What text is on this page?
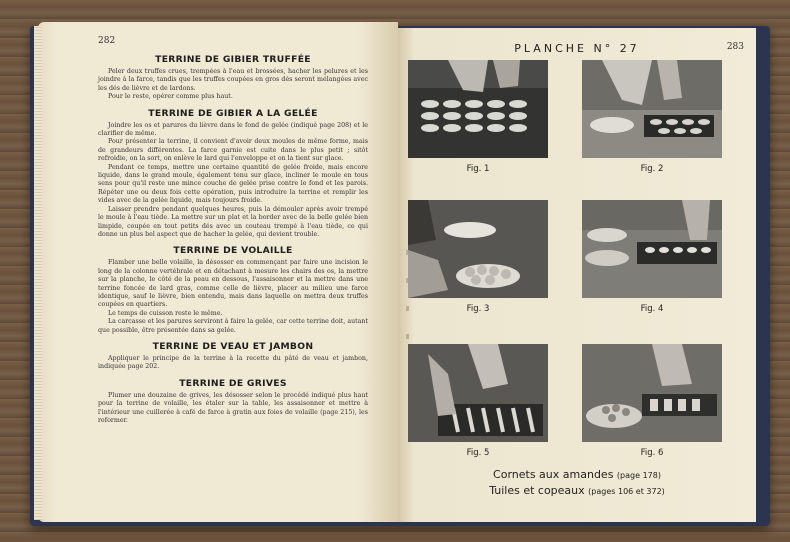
282
TERRINE DE GIBIER TRUFFÉE

Peler deux truffes crues, trempées à l'eau et brossées, hacher les pelures et les joindre à la farce, tandis que les truffes coupées en gros dés seront mélangées avec les dés de lièvre et de lardons.

Pour le reste, opérer comme plus haut.

TERRINE DE GIBIER A LA GELÉE

Joindre les os et parures du lièvre dans le fond de gelée (indiqué page 208) et le clarifier de même.

Pour présenter la terrine, il convient d'avoir deux moules de même forme, mais de grandeurs différentes. La farce garnie est cuite dans le plus petit ; sitôt refroidie, on la sort, on enlève le lard qui l'enveloppe et on la tient sur glace.

Pendant ce temps, mettre une certaine quantité de gelée froide, mais encore liquide, dans le grand moule, également tenu sur glace, incliner le moule en tous sens pour qu'il reste une mince couche de gelée prise contre le fond et les parois. Répéter une ou deux fois cette opération, puis introduire la terrine et remplir les vides avec de la gelée liquide, mais toujours froide.

Laisser prendre pendant quelques heures, puis la démouler après avoir trempé le moule à l'eau tiède. La mettre sur un plat et la border avec de la belle gelée bien limpide, coupée en tout petits dés avec un couteau trempé à l'eau tiède, ce qui donne un plus bel aspect que de hacher la gelée, qui devient trouble.

TERRINE DE VOLAILLE

Flamber une belle volaille, la désosser en commençant par faire une incision le long de la colonne vertébrale et en détachant à mesure les chairs des os, la mettre sur la planche, le côté de la peau en dessous, l'assaisonner et la mettre dans une terrine foncée de lard gras, comme celle de lièvre, placer au milieu une farce identique, sauf le lièvre, bien entendu, mais dans laquelle on mettra deux truffes coupées en quartiers.

Le temps de cuisson reste le même.

La carcasse et les parures serviront à faire la gelée, car cette terrine doit, autant que possible, être présentée dans sa gelée.

TERRINE DE VEAU ET JAMBON

Appliquer le principe de la terrine à la recette du pâté de veau et jambon, indiquée page 202.

TERRINE DE GRIVES

Plumer une douzaine de grives, les désosser selon le procédé indiqué plus haut pour la terrine de volaille, les étaler sur la table, les assaisonner et mettre à l'intérieur une cuillerée à café de farce à gratin aux foies de volaille (page 215), les reformer.

283
PLANCHE N° 27
Fig. 1	Fig. 2
Fig. 3	Fig. 4
Fig. 5	Fig. 6
Cornets aux amandes (page 178)
Tuiles et copeaux (pages 106 et 372)
